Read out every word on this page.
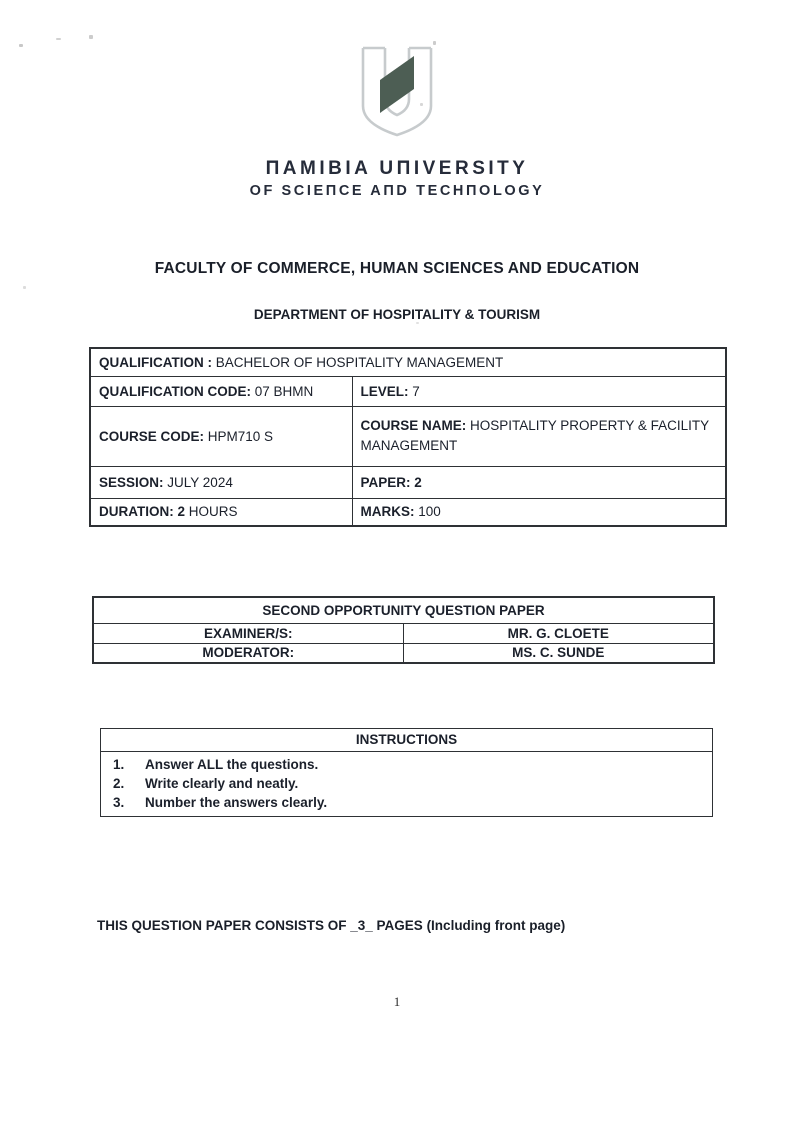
ΠAMIBIA UΠIVERSITY
OF SCIEΠCE AΠD TECHΠOLOGY
FACULTY OF COMMERCE, HUMAN SCIENCES AND EDUCATION
DEPARTMENT OF HOSPITALITY & TOURISM
QUALIFICATION : BACHELOR OF HOSPITALITY MANAGEMENT	
QUALIFICATION CODE: 07 BHMN	LEVEL: 7
COURSE CODE: HPM710 S	COURSE NAME: HOSPITALITY PROPERTY & FACILITY MANAGEMENT
SESSION: JULY 2024	PAPER: 2
DURATION: 2 HOURS	MARKS: 100
SECOND OPPORTUNITY QUESTION PAPER	
EXAMINER/S:	MR. G. CLOETE
MODERATOR:	MS. C. SUNDE
INSTRUCTIONS
1.	Answer ALL the questions.
2.	Write clearly and neatly.
3.	Number the answers clearly.
THIS QUESTION PAPER CONSISTS OF _3_ PAGES (Including front page)
1
